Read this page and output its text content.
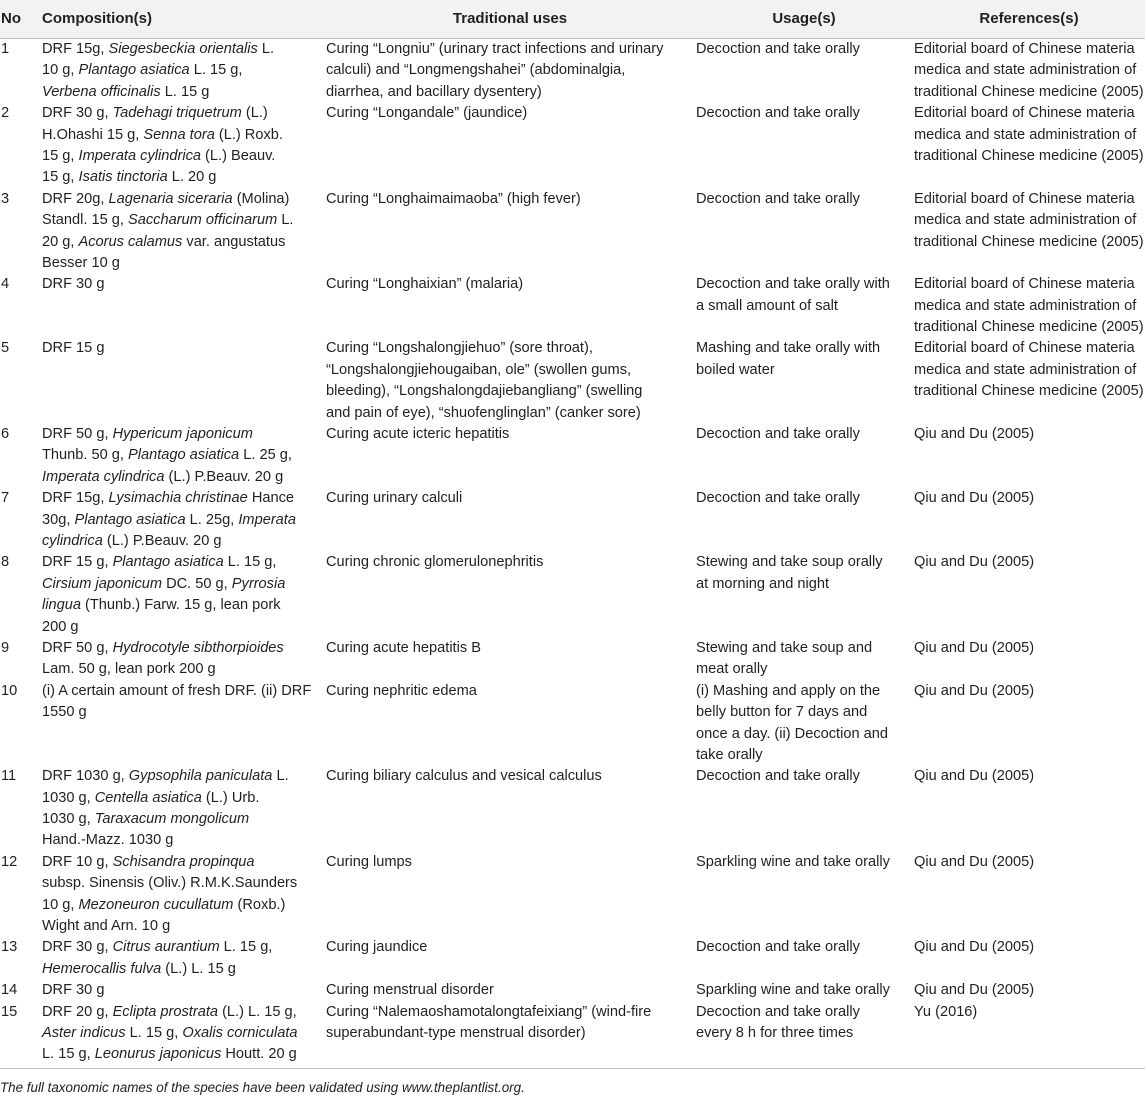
No	Composition(s)	Traditional uses	Usage(s)	References(s)

1	DRF 15g, Siegesbeckia orientalis L.
10 g, Plantago asiatica L. 15 g,
Verbena officinalis L. 15 g	Curing “Longniu” (urinary tract infections and urinary
calculi) and “Longmengshahei” (abdominalgia,
diarrhea, and bacillary dysentery)	Decoction and take orally	Editorial board of Chinese materia
medica and state administration of
traditional Chinese medicine (2005)

2	DRF 30 g, Tadehagi triquetrum (L.)
H.Ohashi 15 g, Senna tora (L.) Roxb.
15 g, Imperata cylindrica (L.) Beauv.
15 g, Isatis tinctoria L. 20 g	Curing “Longandale” (jaundice)	Decoction and take orally	Editorial board of Chinese materia
medica and state administration of
traditional Chinese medicine (2005)

3	DRF 20g, Lagenaria siceraria (Molina)
Standl. 15 g, Saccharum officinarum L.
20 g, Acorus calamus var. angustatus
Besser 10 g	Curing “Longhaimaimaoba” (high fever)	Decoction and take orally	Editorial board of Chinese materia
medica and state administration of
traditional Chinese medicine (2005)

4	DRF 30 g	Curing “Longhaixian” (malaria)	Decoction and take orally with
a small amount of salt	Editorial board of Chinese materia
medica and state administration of
traditional Chinese medicine (2005)

5	DRF 15 g	Curing “Longshalongjiehuo” (sore throat),
“Longshalongjiehougaiban, ole” (swollen gums,
bleeding), “Longshalongdajiebangliang” (swelling
and pain of eye), “shuofenglinglan” (canker sore)	Mashing and take orally with
boiled water	Editorial board of Chinese materia
medica and state administration of
traditional Chinese medicine (2005)

6	DRF 50 g, Hypericum japonicum
Thunb. 50 g, Plantago asiatica L. 25 g,
Imperata cylindrica (L.) P.Beauv. 20 g	Curing acute icteric hepatitis	Decoction and take orally	Qiu and Du (2005)

7	DRF 15g, Lysimachia christinae Hance
30g, Plantago asiatica L. 25g, Imperata
cylindrica (L.) P.Beauv. 20 g	Curing urinary calculi	Decoction and take orally	Qiu and Du (2005)

8	DRF 15 g, Plantago asiatica L. 15 g,
Cirsium japonicum DC. 50 g, Pyrrosia
lingua (Thunb.) Farw. 15 g, lean pork
200 g	Curing chronic glomerulonephritis	Stewing and take soup orally
at morning and night	Qiu and Du (2005)

9	DRF 50 g, Hydrocotyle sibthorpioides
Lam. 50 g, lean pork 200 g	Curing acute hepatitis B	Stewing and take soup and
meat orally	Qiu and Du (2005)

10	(i) A certain amount of fresh DRF. (ii) DRF
1550 g	Curing nephritic edema	(i) Mashing and apply on the
belly button for 7 days and
once a day. (ii) Decoction and
take orally	Qiu and Du (2005)

11	DRF 1030 g, Gypsophila paniculata L.
1030 g, Centella asiatica (L.) Urb.
1030 g, Taraxacum mongolicum
Hand.-Mazz. 1030 g	Curing biliary calculus and vesical calculus	Decoction and take orally	Qiu and Du (2005)

12	DRF 10 g, Schisandra propinqua
subsp. Sinensis (Oliv.) R.M.K.Saunders
10 g, Mezoneuron cucullatum (Roxb.)
Wight and Arn. 10 g	Curing lumps	Sparkling wine and take orally	Qiu and Du (2005)

13	DRF 30 g, Citrus aurantium L. 15 g,
Hemerocallis fulva (L.) L. 15 g	Curing jaundice	Decoction and take orally	Qiu and Du (2005)

14	DRF 30 g	Curing menstrual disorder	Sparkling wine and take orally	Qiu and Du (2005)

15	DRF 20 g, Eclipta prostrata (L.) L. 15 g,
Aster indicus L. 15 g, Oxalis corniculata
L. 15 g, Leonurus japonicus Houtt. 20 g	Curing “Nalemaoshamotalongtafeixiang” (wind-fire
superabundant-type menstrual disorder)	Decoction and take orally
every 8 h for three times	Yu (2016)

The full taxonomic names of the species have been validated using www.theplantlist.org.
